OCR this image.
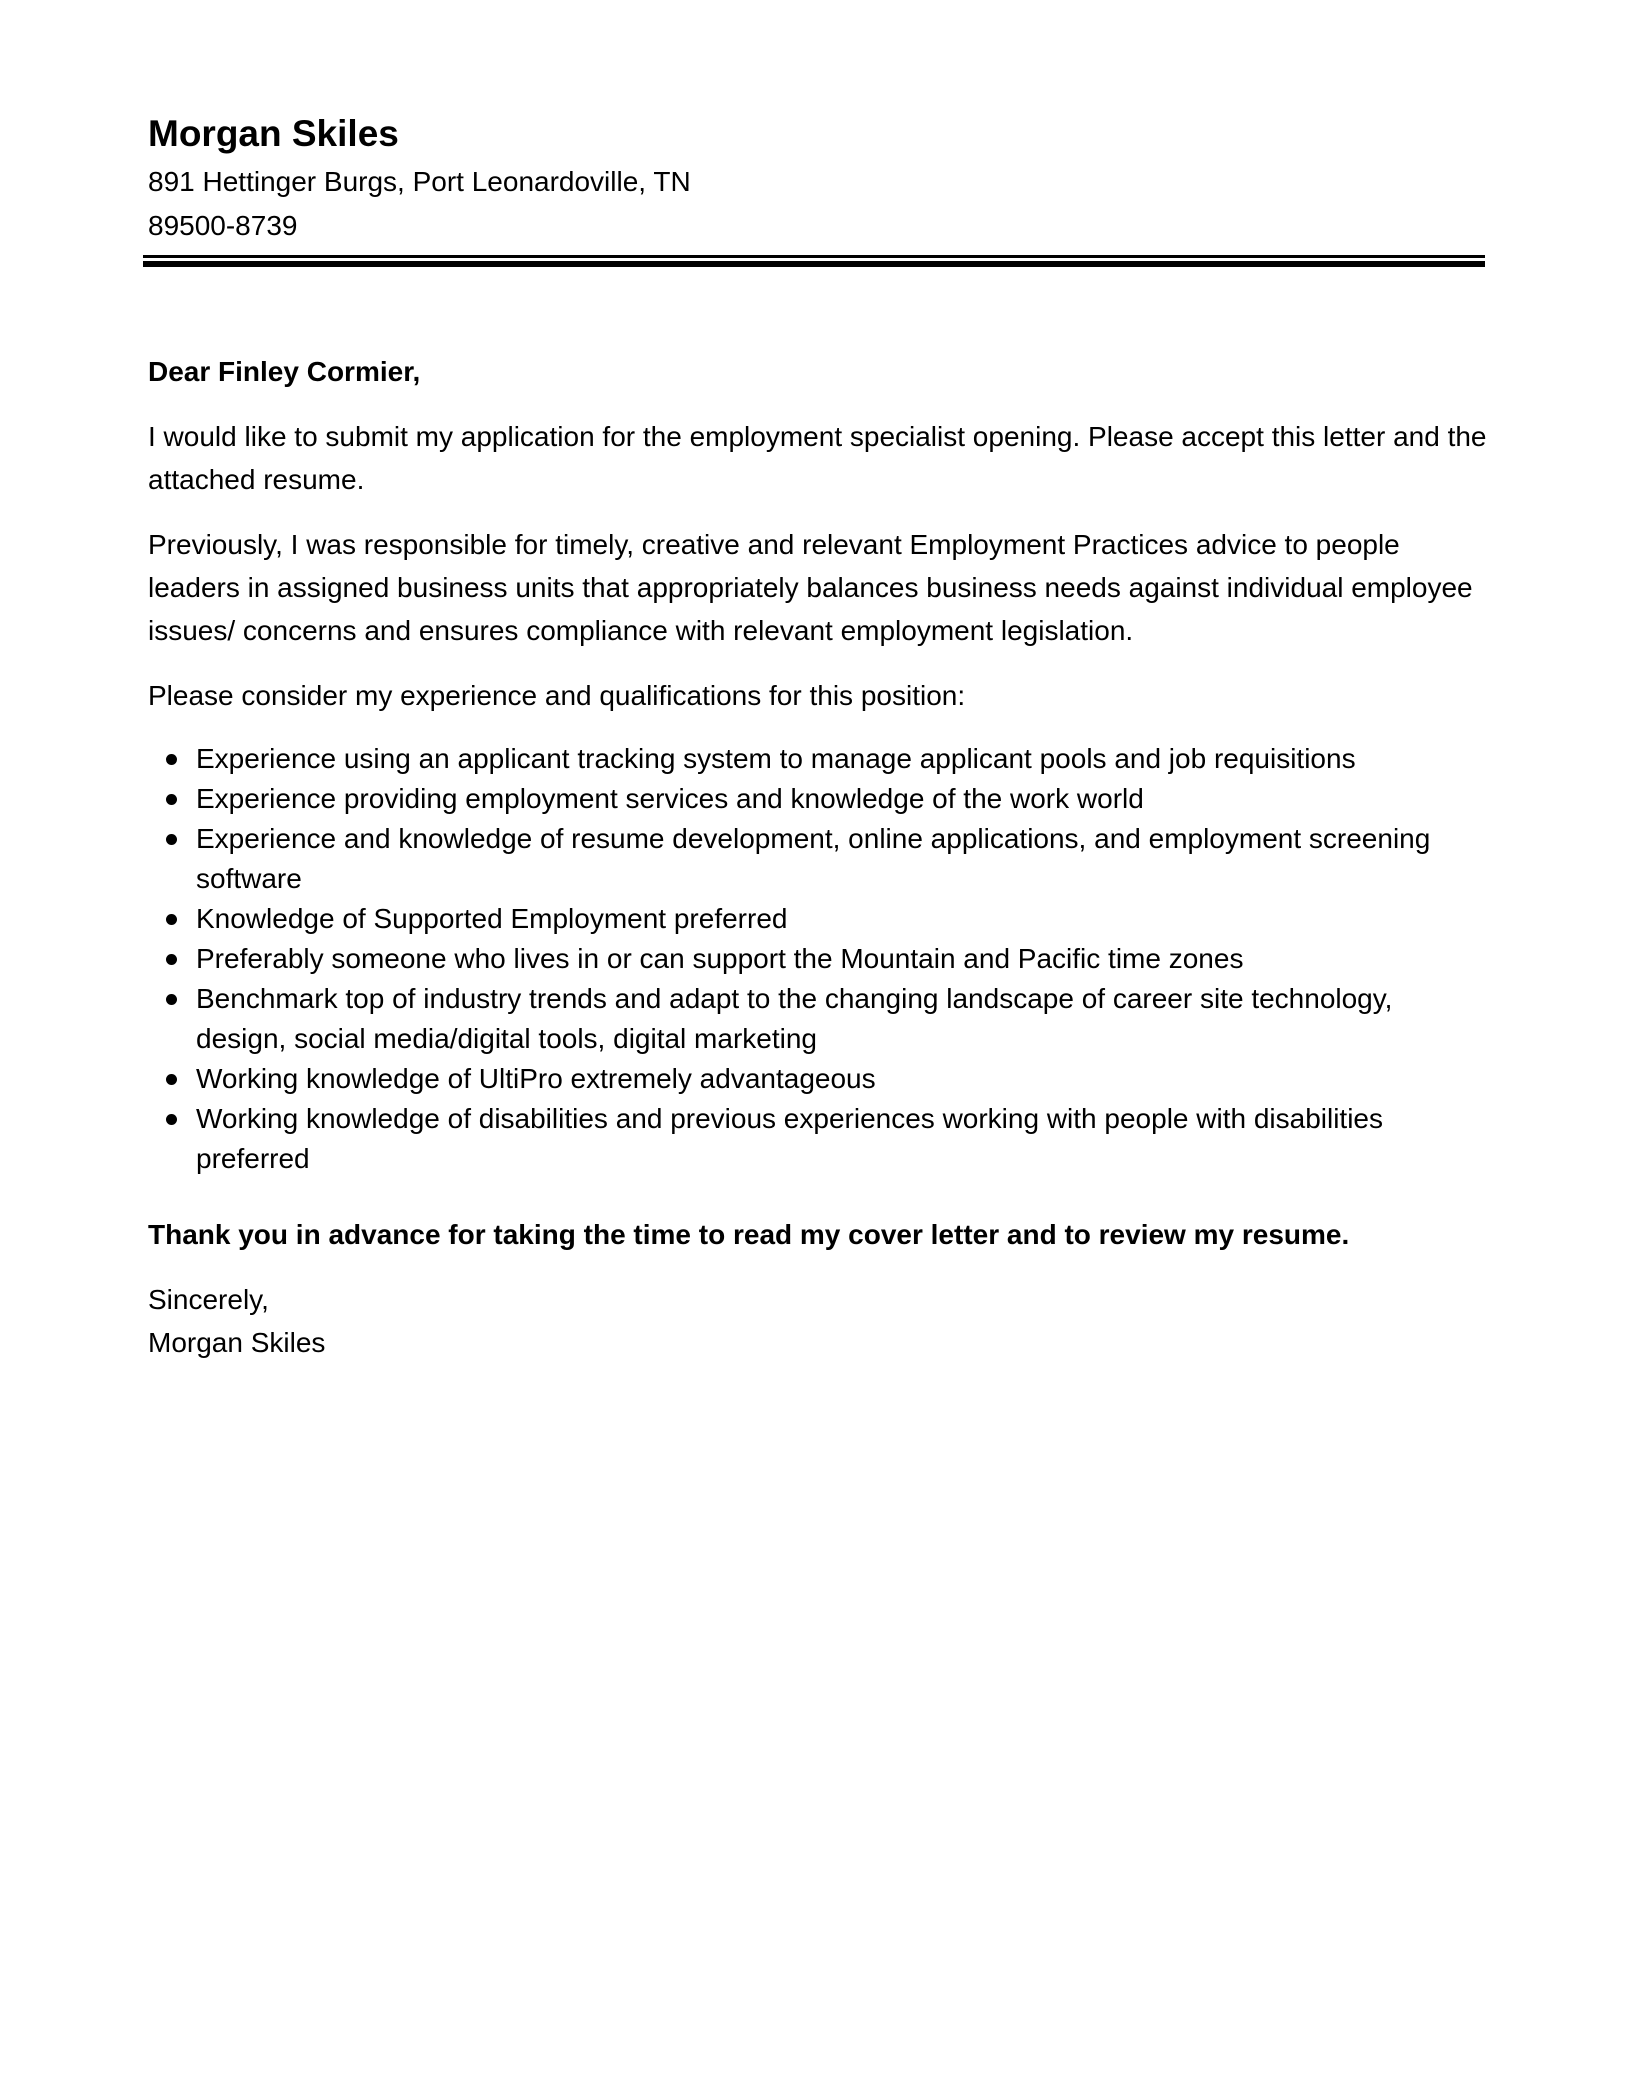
Morgan Skiles

891 Hettinger Burgs, Port Leonardoville, TN

89500-8739

Dear Finley Cormier,

I would like to submit my application for the employment specialist opening. Please accept this letter and the attached resume.

Previously, I was responsible for timely, creative and relevant Employment Practices advice to people leaders in assigned business units that appropriately balances business needs against individual employee issues/ concerns and ensures compliance with relevant employment legislation.

Please consider my experience and qualifications for this position:

Experience using an applicant tracking system to manage applicant pools and job requisitions
Experience providing employment services and knowledge of the work world
Experience and knowledge of resume development, online applications, and employment screening software
Knowledge of Supported Employment preferred
Preferably someone who lives in or can support the Mountain and Pacific time zones
Benchmark top of industry trends and adapt to the changing landscape of career site technology, design, social media/digital tools, digital marketing
Working knowledge of UltiPro extremely advantageous
Working knowledge of disabilities and previous experiences working with people with disabilities preferred

Thank you in advance for taking the time to read my cover letter and to review my resume.

Sincerely,

Morgan Skiles
